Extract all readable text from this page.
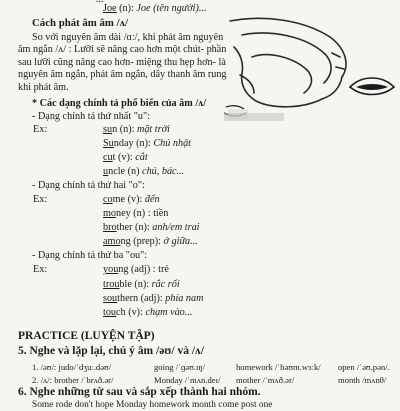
Joe (n): Joe (tên người)...
Cách phát âm âm /ʌ/
So với nguyên âm dài /ɑː/, khi phát âm nguyên
âm ngắn /ʌ/ : Lưỡi sẽ nâng cao hơn một chút- phần
sau lưỡi cũng nâng cao hơn- miệng thu hẹp hơn- là
nguyên âm ngắn, phát âm ngắn, dây thanh âm rung
khi phát âm.
* Các dạng chính tả phổ biến của âm /ʌ/
- Dạng chính tả thứ nhất "u":
Ex:	sun (n): mặt trời
Sunday (n): Chủ nhật
cut (v): cắt
uncle (n) chú, bác...
- Dạng chính tả thứ hai "o":
Ex:	come (v): đến
money (n) : tiền
brother (n): anh/em trai
among (prep): ở giữa...
- Dạng chính tả thứ ba "ou":
Ex:	young (adj) : trẻ
trouble (n): rắc rối
southern (adj): phía nam
touch (v): chạm vào...
PRACTICE (LUYỆN TẬP)
5. Nghe và lặp lại, chú ý âm /əʊ/ và /ʌ/
1. /əʊ/: judo/ˈdʒuː.dəʊ/	going /ˈɡəʊ.ɪŋ/	homework /ˈhəʊm.wɜːk/ open /ˈəʊ.pən/.
2. /ʌ/: brother /ˈbrʌð.ər/	Monday /ˈmʌn.deɪ/ mother /ˈmʌð.ər/	month /mʌnθ/
6. Nghe những từ sau và sắp xếp thành hai nhóm.
Some rode don't hope Monday homework month come post one
